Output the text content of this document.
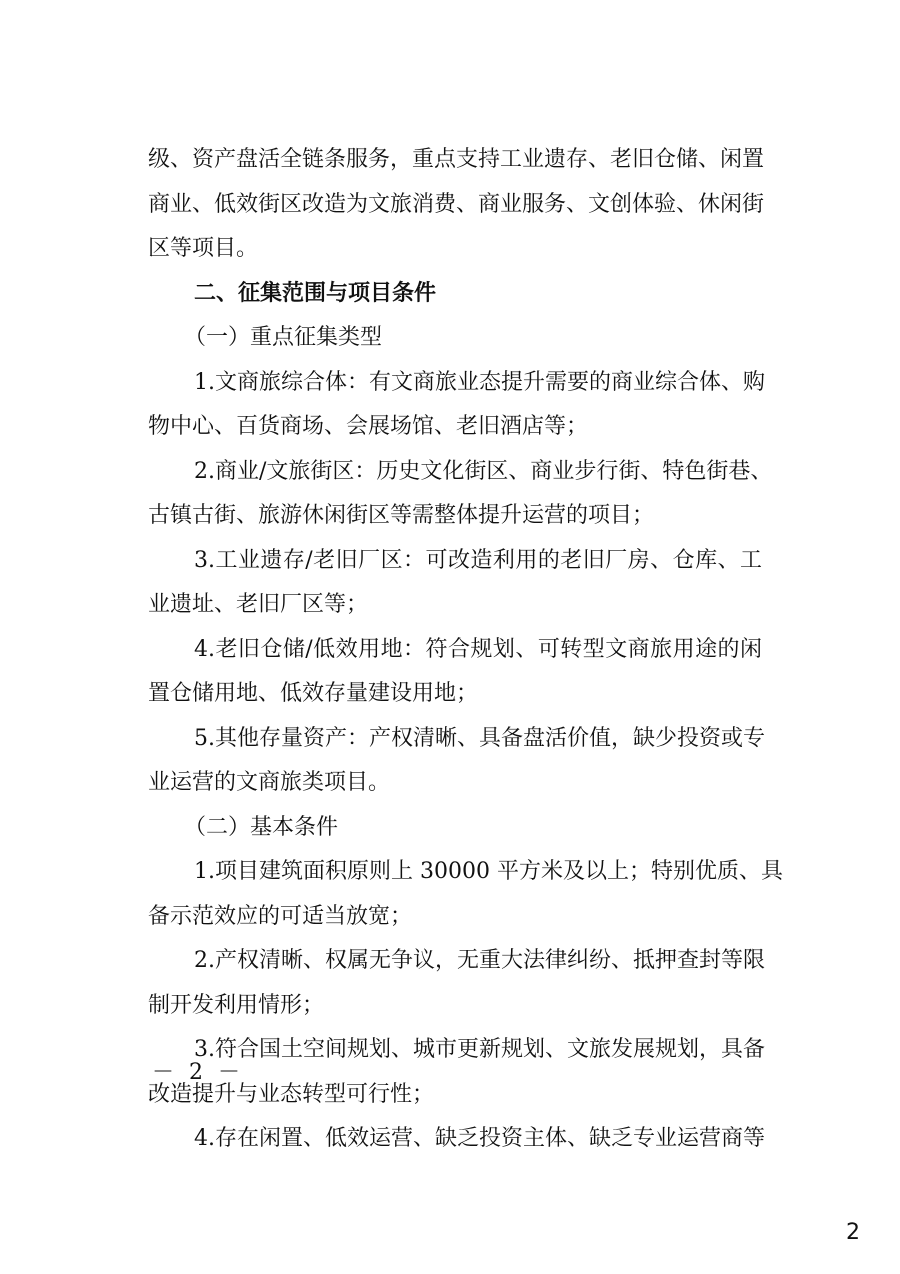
级、资产盘活全链条服务，重点支持工业遗存、老旧仓储、闲置
商业、低效街区改造为文旅消费、商业服务、文创体验、休闲街
区等项目。
二、征集范围与项目条件
（一）重点征集类型
1.文商旅综合体：有文商旅业态提升需要的商业综合体、购
物中心、百货商场、会展场馆、老旧酒店等；
2.商业/文旅街区：历史文化街区、商业步行街、特色街巷、
古镇古街、旅游休闲街区等需整体提升运营的项目；
3.工业遗存/老旧厂区：可改造利用的老旧厂房、仓库、工
业遗址、老旧厂区等；
4.老旧仓储/低效用地：符合规划、可转型文商旅用途的闲
置仓储用地、低效存量建设用地；
5.其他存量资产：产权清晰、具备盘活价值，缺少投资或专
业运营的文商旅类项目。
（二）基本条件
1.项目建筑面积原则上 30000 平方米及以上；特别优质、具
备示范效应的可适当放宽；
2.产权清晰、权属无争议，无重大法律纠纷、抵押查封等限
制开发利用情形；
3.符合国土空间规划、城市更新规划、文旅发展规划，具备
改造提升与业态转型可行性；
4.存在闲置、低效运营、缺乏投资主体、缺乏专业运营商等
－ 2 －
2
